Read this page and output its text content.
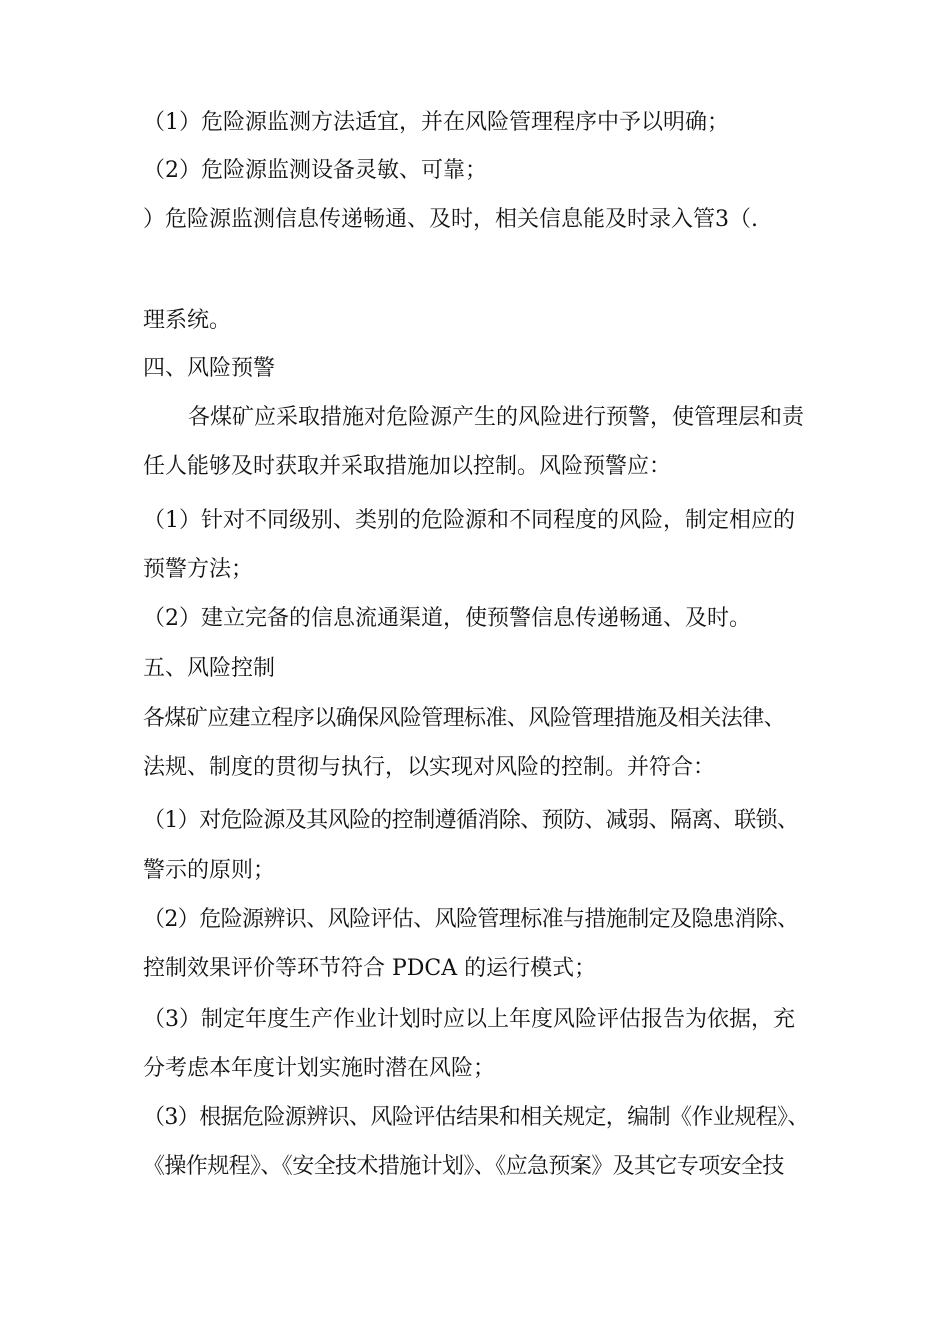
（1）危险源监测方法适宜，并在风险管理程序中予以明确；
（2）危险源监测设备灵敏、可靠；
）危险源监测信息传递畅通、及时，相关信息能及时录入管3（.
理系统。
四、风险预警
各煤矿应采取措施对危险源产生的风险进行预警，使管理层和责
任人能够及时获取并采取措施加以控制。风险预警应：
（1）针对不同级别、类别的危险源和不同程度的风险，制定相应的
预警方法；
（2）建立完备的信息流通渠道，使预警信息传递畅通、及时。
五、风险控制
各煤矿应建立程序以确保风险管理标准、风险管理措施及相关法律、
法规、制度的贯彻与执行，以实现对风险的控制。并符合：
（1）对危险源及其风险的控制遵循消除、预防、减弱、隔离、联锁、
警示的原则；
（2）危险源辨识、风险评估、风险管理标准与措施制定及隐患消除、
控制效果评价等环节符合 PDCA 的运行模式；
（3）制定年度生产作业计划时应以上年度风险评估报告为依据，充
分考虑本年度计划实施时潜在风险；
（3）根据危险源辨识、风险评估结果和相关规定，编制《作业规程》、
《操作规程》、《安全技术措施计划》、《应急预案》及其它专项安全技
